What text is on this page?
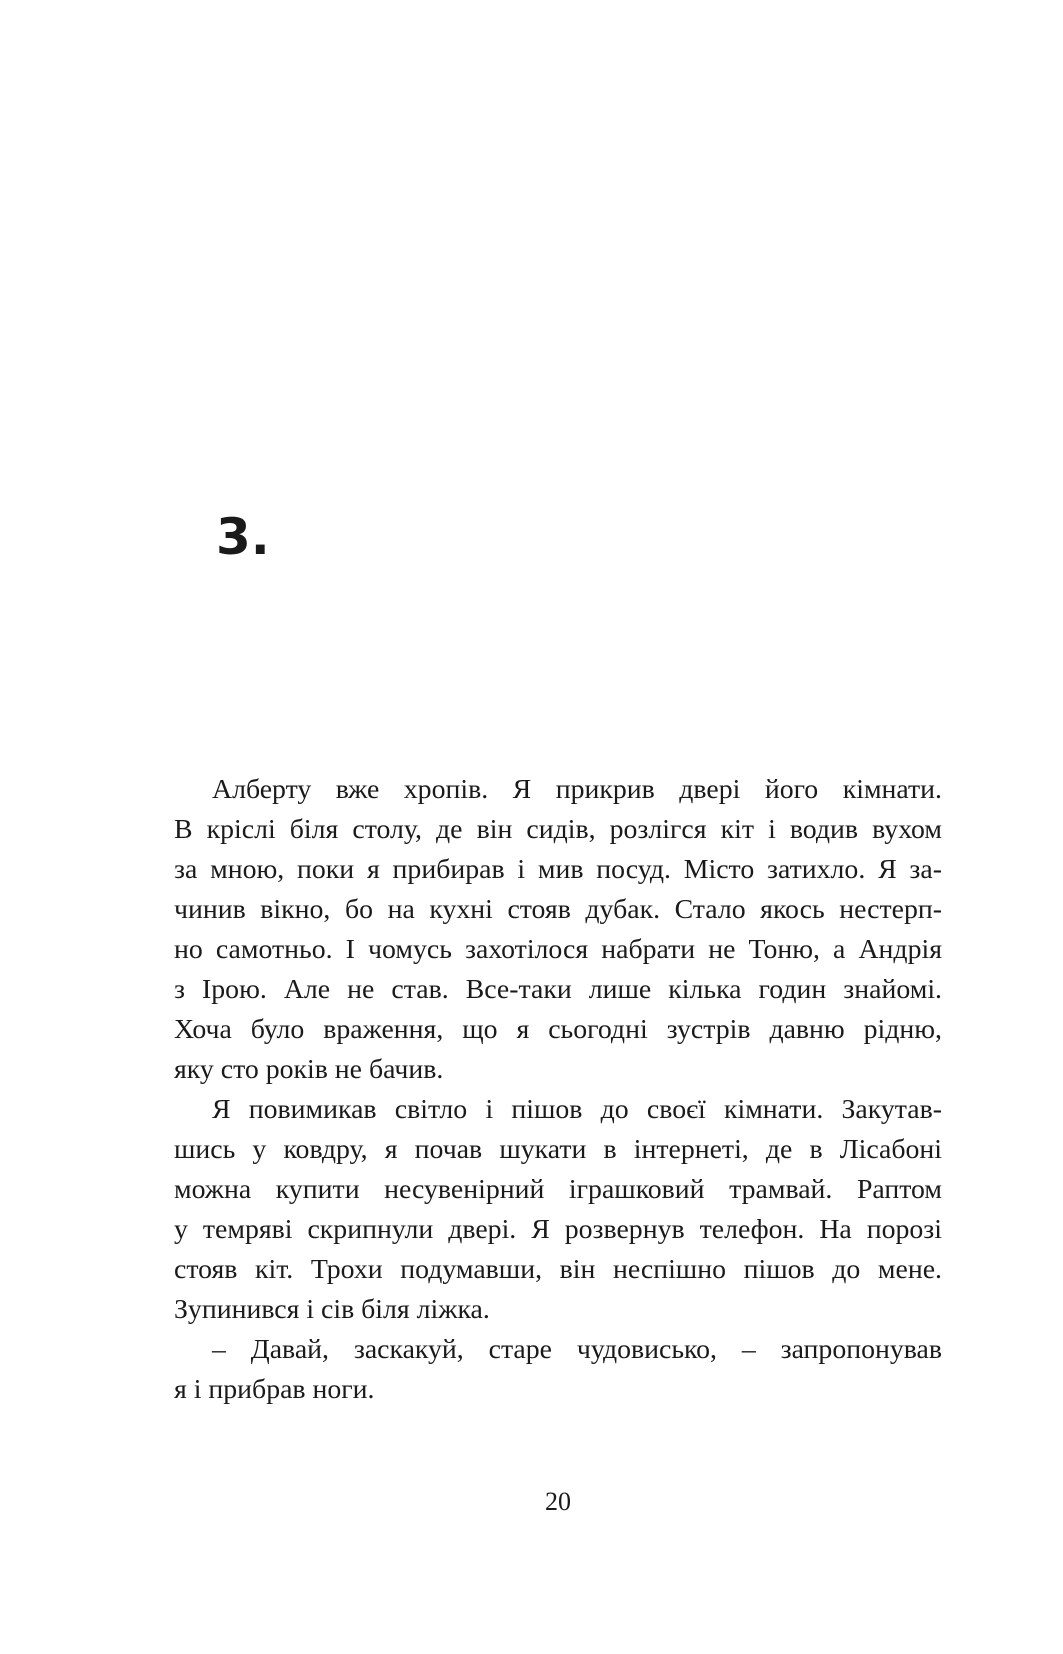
3.
Алберту вже хропів. Я прикрив двері його кімнати.
В кріслі біля столу, де він сидів, розлігся кіт і водив вухом
за мною, поки я прибирав і мив посуд. Місто затихло. Я за-
чинив вікно, бо на кухні стояв дубак. Стало якось нестерп-
но самотньо. І чомусь захотілося набрати не Тоню, а Андрія
з Ірою. Але не став. Все-таки лише кілька годин знайомі.
Хоча було враження, що я сьогодні зустрів давню рідню,
яку сто років не бачив.
Я повимикав світло і пішов до своєї кімнати. Закутав-
шись у ковдру, я почав шукати в інтернеті, де в Лісабоні
можна купити несувенірний іграшковий трамвай. Раптом
у темряві скрипнули двері. Я розвернув телефон. На порозі
стояв кіт. Трохи подумавши, він неспішно пішов до мене.
Зупинився і сів біля ліжка.
– Давай, заскакуй, старе чудовисько, – запропонував
я і прибрав ноги.
20
